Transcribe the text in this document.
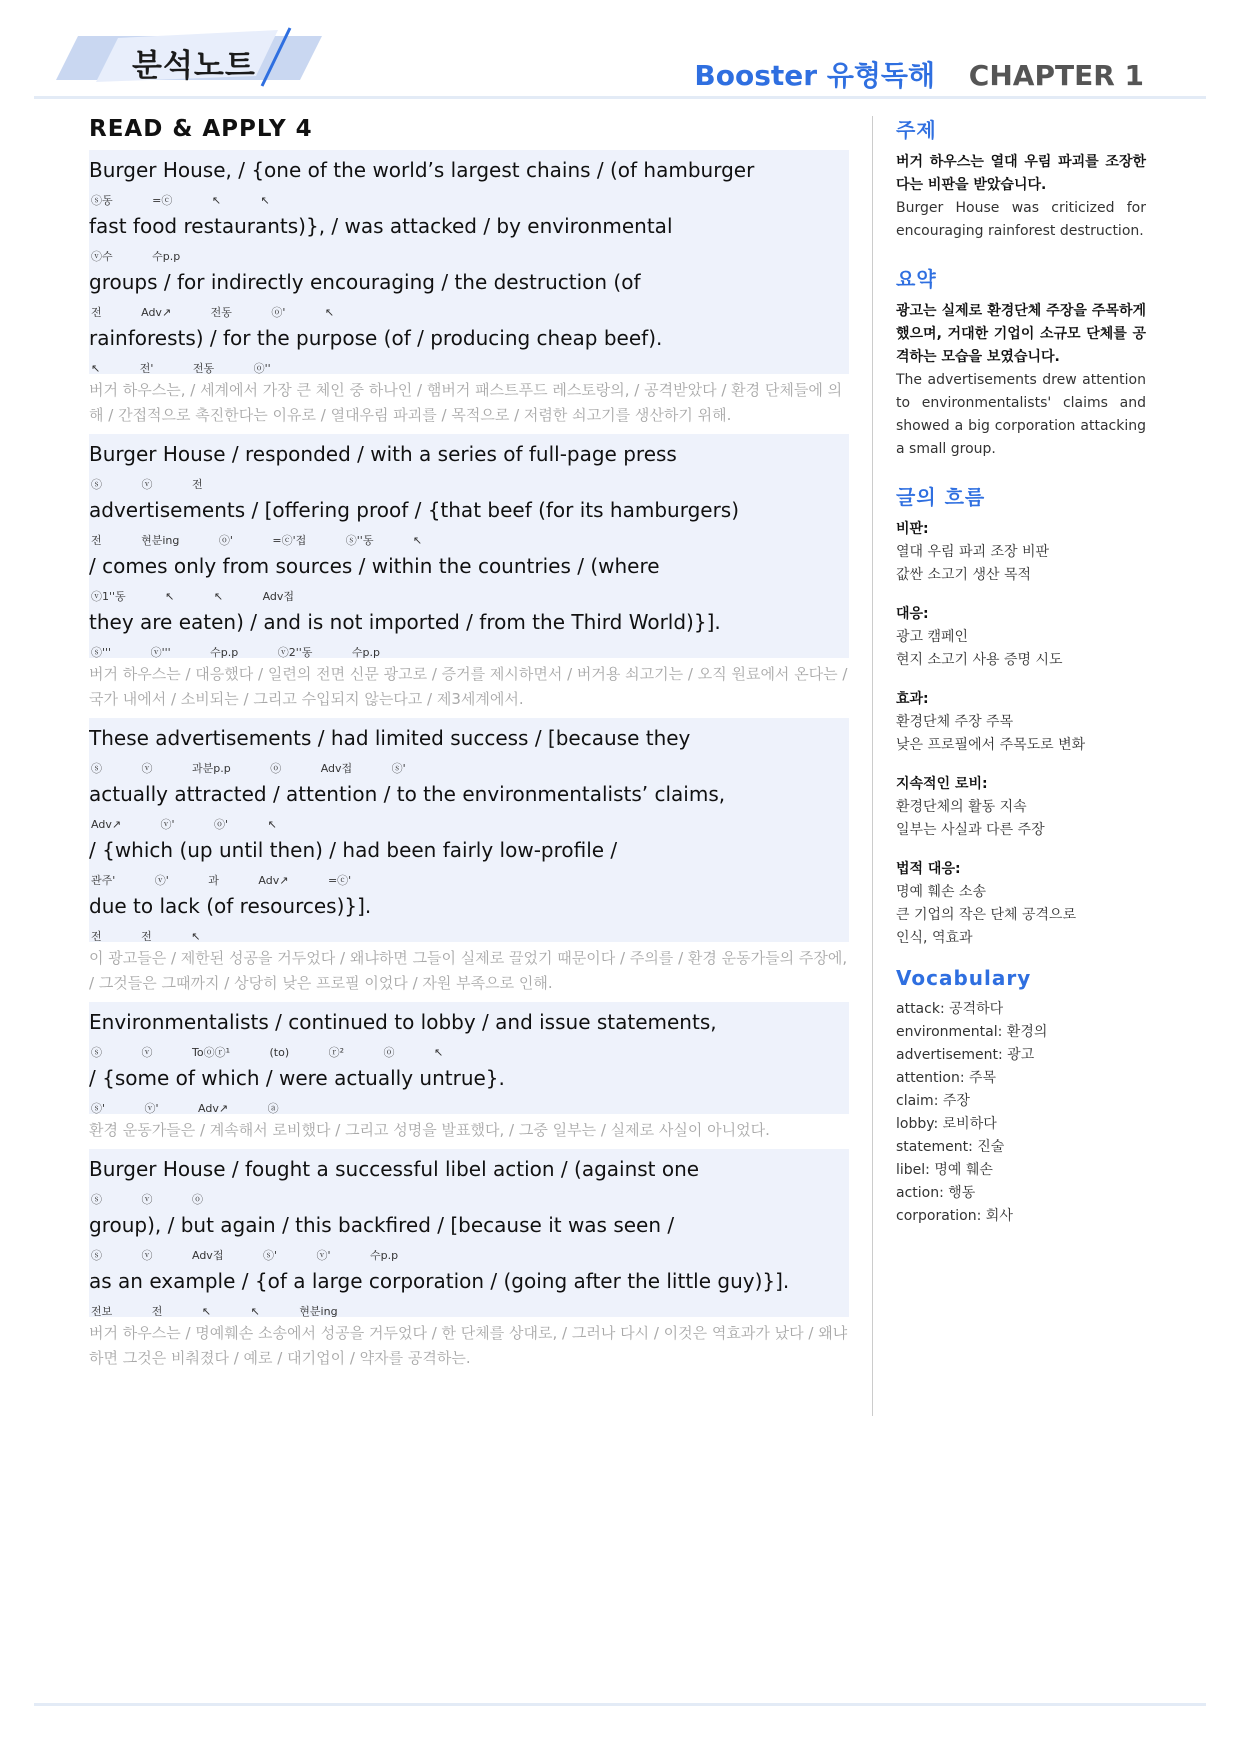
분석노트	Booster 유형독해 CHAPTER 1
READ & APPLY 4
Burger House, / {one of the world’s largest chains / (of hamburger
ⓢ동 =ⓒ ↖ ↖
fast food restaurants)}, / was attacked / by environmental
ⓥ수 수p.p
groups / for indirectly encouraging / the destruction (of
전 Adv↗ 전동 ⓞ' ↖
rainforests) / for the purpose (of / producing cheap beef).
↖ 전' 전동 ⓞ''
버거 하우스는, / 세계에서 가장 큰 체인 중 하나인 / 햄버거 패스트푸드 레스토랑의, / 공격받았다 / 환경 단체들에 의해 / 간접적으로 촉진한다는 이유로 / 열대우림 파괴를 / 목적으로 / 저렴한 쇠고기를 생산하기 위해.
Burger House / responded / with a series of full-page press
ⓢ ⓥ 전
advertisements / [offering proof / {that beef (for its hamburgers)
전 현분ing ⓞ' =ⓒ'접 ⓢ''동 ↖
/ comes only from sources / within the countries / (where
ⓥ1''동 ↖ ↖ Adv접
they are eaten) / and is not imported / from the Third World)}].
ⓢ''' ⓥ''' 수p.p ⓥ2''동 수p.p
버거 하우스는 / 대응했다 / 일련의 전면 신문 광고로 / 증거를 제시하면서 / 버거용 쇠고기는 / 오직 원료에서 온다는 / 국가 내에서 / 소비되는 / 그리고 수입되지 않는다고 / 제3세계에서.
These advertisements / had limited success / [because they
ⓢ ⓥ 과분p.p ⓞ Adv접 ⓢ'
actually attracted / attention / to the environmentalists’ claims,
Adv↗ ⓥ' ⓞ' ↖
/ {which (up until then) / had been fairly low-profile /
관주' ⓥ' 과 Adv↗ =ⓒ'
due to lack (of resources)}].
전 전 ↖
이 광고들은 / 제한된 성공을 거두었다 / 왜냐하면 그들이 실제로 끌었기 때문이다 / 주의를 / 환경 운동가들의 주장에, / 그것들은 그때까지 / 상당히 낮은 프로필 이었다 / 자원 부족으로 인해.
Environmentalists / continued to lobby / and issue statements,
ⓢ ⓥ Toⓞⓡ¹ (to) ⓡ² ⓞ ↖
/ {some of which / were actually untrue}.
ⓢ' ⓥ' Adv↗ ⓐ
환경 운동가들은 / 계속해서 로비했다 / 그리고 성명을 발표했다, / 그중 일부는 / 실제로 사실이 아니었다.
Burger House / fought a successful libel action / (against one
ⓢ ⓥ ⓞ
group), / but again / this backfired / [because it was seen /
ⓢ ⓥ Adv접 ⓢ' ⓥ' 수p.p
as an example / {of a large corporation / (going after the little guy)}].
전보 전 ↖ ↖ 현분ing
버거 하우스는 / 명예훼손 소송에서 성공을 거두었다 / 한 단체를 상대로, / 그러나 다시 / 이것은 역효과가 났다 / 왜냐하면 그것은 비춰졌다 / 예로 / 대기업이 / 약자를 공격하는.
주제
버거 하우스는 열대 우림 파괴를 조장한다는 비판을 받았습니다.
Burger House was criticized for encouraging rainforest destruction.
요약
광고는 실제로 환경단체 주장을 주목하게 했으며, 거대한 기업이 소규모 단체를 공격하는 모습을 보였습니다.
The advertisements drew attention to environmentalists' claims and showed a big corporation attacking a small group.
글의 흐름
비판:
열대 우림 파괴 조장 비판
값싼 소고기 생산 목적
대응:
광고 캠페인
현지 소고기 사용 증명 시도
효과:
환경단체 주장 주목
낮은 프로필에서 주목도로 변화
지속적인 로비:
환경단체의 활동 지속
일부는 사실과 다른 주장
법적 대응:
명예 훼손 소송
큰 기업의 작은 단체 공격으로
인식, 역효과
Vocabulary
attack: 공격하다
environmental: 환경의
advertisement: 광고
attention: 주목
claim: 주장
lobby: 로비하다
statement: 진술
libel: 명예 훼손
action: 행동
corporation: 회사
